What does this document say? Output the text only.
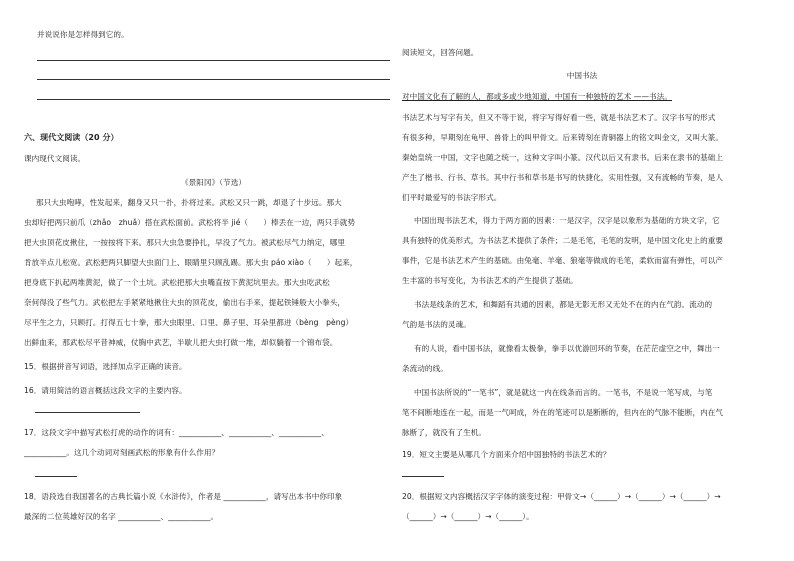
并说说你是怎样得到它的。
六、现代文阅读（20 分）
课内现代文阅读。
《景阳冈》（节选）
那只大虫咆哮，性发起来，翻身又只一扑，扑将过来。武松又只一跳，却退了十步远。那大
虫却好把两只前爪（zhǎo　zhuǎ）搭在武松面前。武松将半 jié（　　）棒丢在一边，两只手就势
把大虫顶花皮揪住，一按按将下来。那只大虫急要挣扎，早没了气力。被武松尽气力纳定，哪里
肯放半点儿松宽。武松把两只脚望大虫面门上、眼睛里只顾乱踢。那大虫 páo xiào（　　）起来，
把身底下扒起两堆黄泥，做了一个土坑。武松把那大虫嘴直按下黄泥坑里去。那大虫吃武松
奈何得没了些气力。武松把左手紧紧地揪住大虫的顶花皮，偷出右手来，提起铁锤般大小拳头，
尽平生之力，只顾打。打得五七十拳，那大虫眼里、口里、鼻子里、耳朵里都迸（bèng　pèng）
出鲜血来，那武松尽平昔神威，仗胸中武艺，半歇儿把大虫打做一堆，却似躺着一个锦布袋。
15．根据拼音写词语，选择加点字正确的读音。
16．请用简洁的语言概括这段文字的主要内容。
17．这段文字中描写武松打虎的动作的词有：___________、___________、___________、
___________。这几个动词对刻画武松的形象有什么作用？
18．语段选自我国著名的古典长篇小说《水浒传》，作者是 ___________，请写出本书中你印象
最深的二位英雄好汉的名字 ___________、___________。
阅读短文，回答问题。
中国书法
对中国文化有了解的人，都或多或少地知道，中国有一种独特的艺术 ——书法。
书法艺术与写字有关，但又不等于说，将字写得好看一些，就是书法艺术了。汉字书写的形式
有很多种，早期刻在龟甲、兽骨上的叫甲骨文。后来铸刻在青铜器上的铭文叫金文，又叫大篆。
秦始皇统一中国，文字也随之统一，这种文字叫小篆。汉代以后又有隶书。后来在隶书的基础上
产生了楷书、行书、草书。其中行书和草书是书写的快捷化，实用性强，又有流畅的节奏，是人
们平时最爱写的书法字形式。
中国出现书法艺术，得力于两方面的因素：一是汉字，汉字是以象形为基础的方块文字，它
具有独特的优美形式，为书法艺术提供了条件；二是毛笔，毛笔的发明，是中国文化史上的重要
事件，它是书法艺术产生的基础。由兔毫、羊毫、狼毫等做成的毛笔，柔软而富有弹性，可以产
生丰富的书写变化，为书法艺术的产生提供了基础。
书法是线条的艺术，和舞蹈有共通的因素，都是无影无形又无处不在的内在气韵。流动的
气韵是书法的灵魂。
有的人说，看中国书法，就像看太极拳，拳手以优游回环的节奏，在茫茫虚空之中，舞出一
条流动的线。
中国书法所说的“一笔书”，就是就这一内在线条而言的。一笔书，不是说一笔写成，与笔
笔不间断地连在一起，而是一气呵成，外在的笔迹可以是断断的，但内在的气脉不能断，内在气
脉断了，就没有了生机。
19．短文主要是从哪几个方面来介绍中国独特的书法艺术的？
20．根据短文内容概括汉字字体的演变过程：甲骨文→（______）→（______）→（______）→
（______）→（______）→（______）。
